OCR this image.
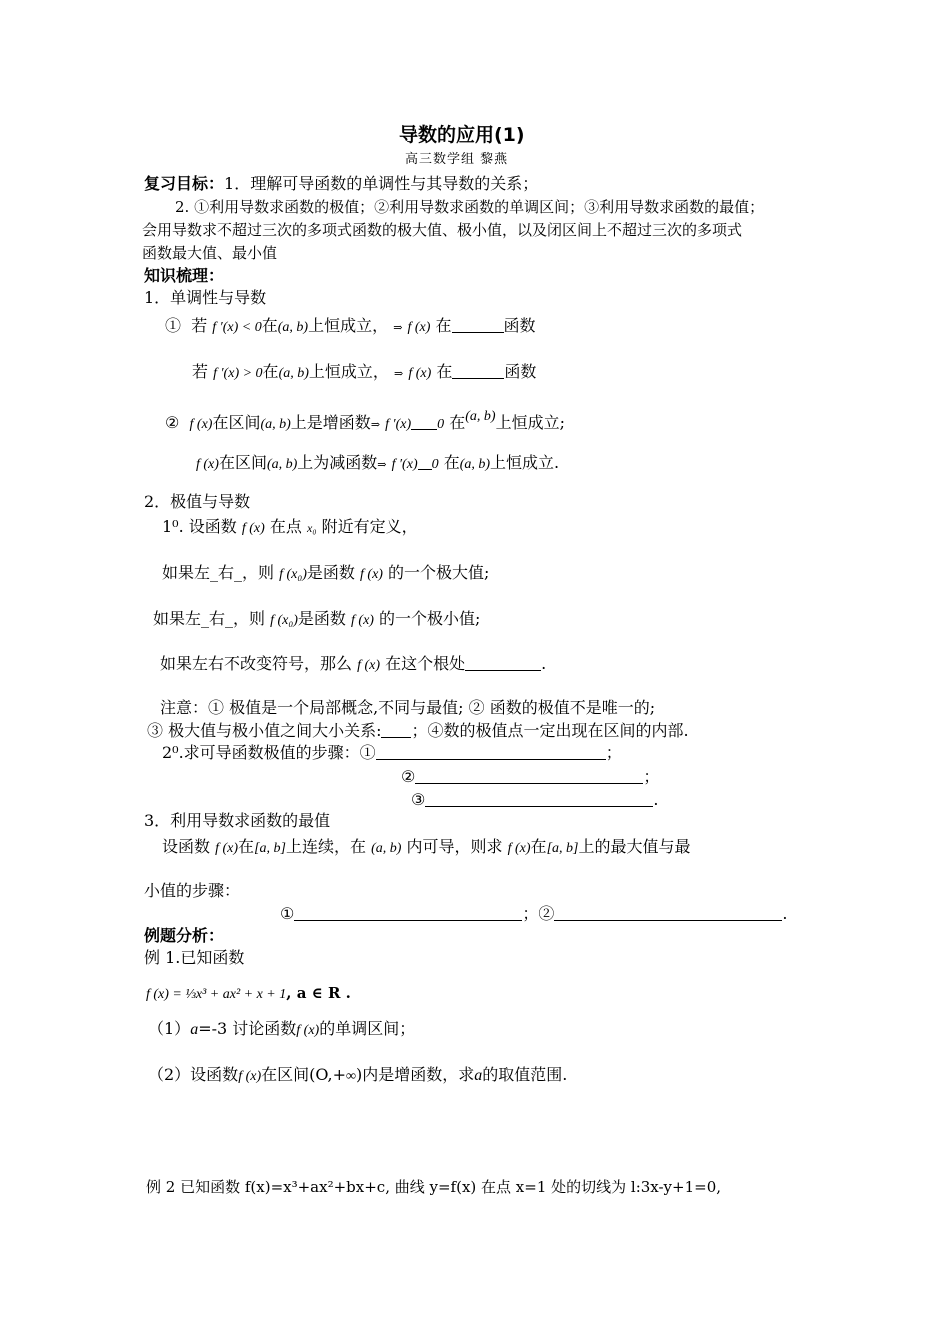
导数的应用(1)
高三数学组 黎燕
复习目标：1．理解可导函数的单调性与其导数的关系；
2. ①利用导数求函数的极值；②利用导数求函数的单调区间；③利用导数求函数的最值；
会用导数求不超过三次的多项式函数的极大值、极小值，以及闭区间上不超过三次的多项式
函数最大值、最小值
知识梳理：
1．单调性与导数
① 若 f ′(x) < 0在(a, b)上恒成立， ⇒ f (x) 在	函数
若 f ′(x) > 0在(a, b)上恒成立， ⇒ f (x) 在	函数
② f (x)在区间(a, b)上是增函数⇒ f ′(x) 0 在(a, b)上恒成立;
f (x)在区间(a, b)上为减函数⇒ f ′(x) 0 在(a, b)上恒成立.
2．极值与导数
1⁰. 设函数 f (x) 在点 x₀ 附近有定义，
如果左_右_，则 f (x₀)是函数 f (x) 的一个极大值;
如果左_右_，则 f (x₀)是函数 f (x) 的一个极小值;
如果左右不改变符号，那么 f (x) 在这个根处	.
注意：① 极值是一个局部概念,不同与最值; ② 函数的极值不是唯一的;
③ 极大值与极小值之间大小关系: ；④数的极值点一定出现在区间的内部.
2⁰.求可导函数极值的步骤：①	；
②	；
③	.
3．利用导数求函数的最值
设函数 f (x)在[a, b]上连续，在 (a, b) 内可导，则求 f (x)在[a, b]上的最大值与最
小值的步骤：
①	；②	.
例题分析：
例 1.已知函数
f (x) = ⅓x³ + ax² + x + 1, a ∈ R .
（1）a=-3 讨论函数f (x)的单调区间；
（2）设函数f (x)在区间(O,+∞)内是增函数，求a的取值范围.
例 2 已知函数 f(x)=x³+ax²+bx+c, 曲线 y=f(x) 在点 x=1 处的切线为 l:3x-y+1=0,
